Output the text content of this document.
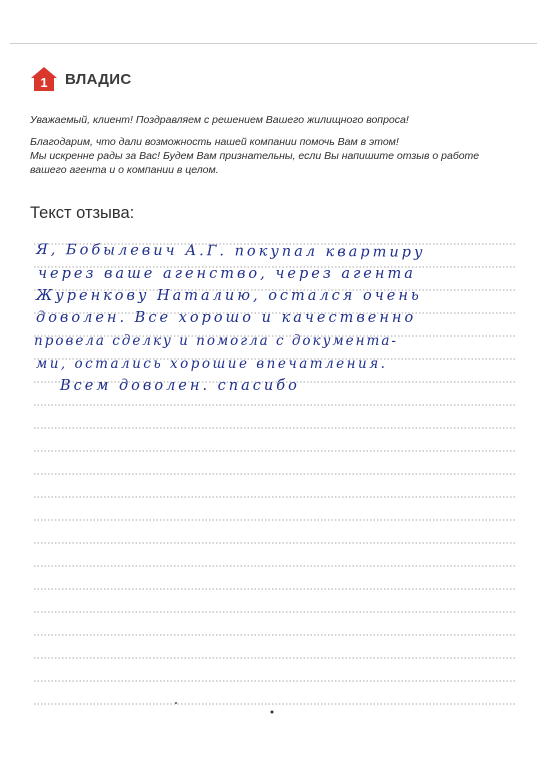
1 ВЛАДИС
Уважаемый, клиент! Поздравляем с решением Вашего жилищного вопроса!
Благодарим, что дали возможность нашей компании помочь Вам в этом!
Мы искренне рады за Вас! Будем Вам признательны, если Вы напишите отзыв о работе
вашего агента и о компании в целом.
Текст отзыва:
Я, Бобылевич А.Г. покупал квартиру
через ваше агенство, через агента
Журенкову Наталию, остался очень
доволен. Все хорошо и качественно
провела сделку и помогла с документа-
ми, остались хорошие впечатления.
Всем доволен. спасибо
